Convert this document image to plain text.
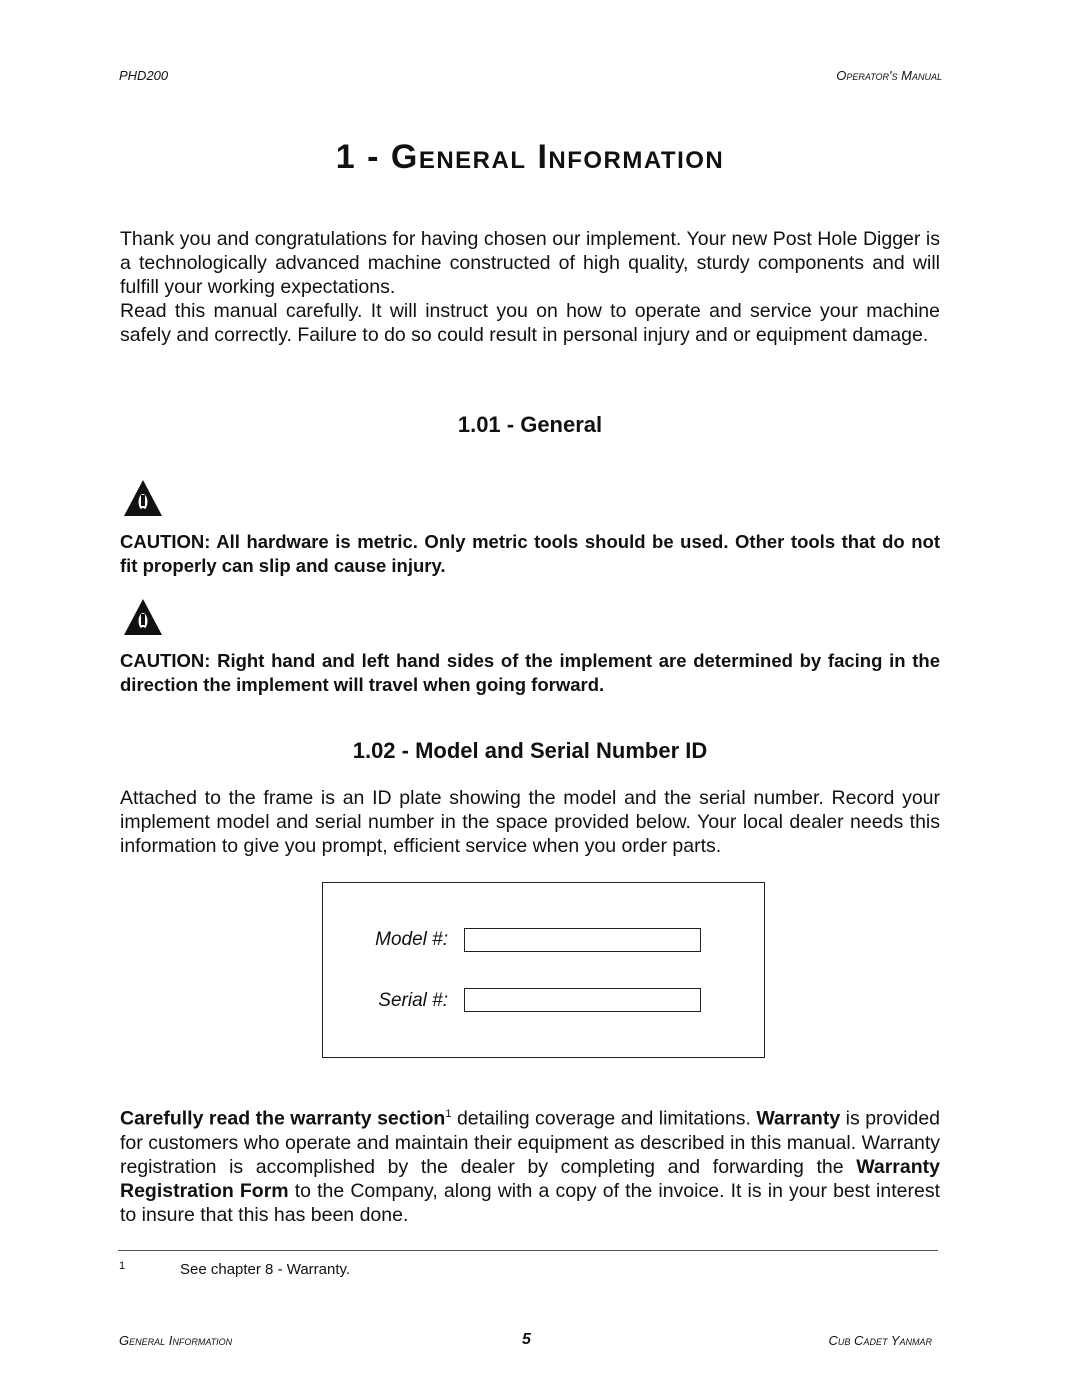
PHD200	Operator's Manual
1 - General Information

Thank you and congratulations for having chosen our implement. Your new Post Hole Digger is a technologically advanced machine constructed of high quality, sturdy components and will fulfill your working expectations.

Read this manual carefully. It will instruct you on how to operate and service your machine safely and correctly. Failure to do so could result in personal injury and or equipment damage.

1.01 - General

CAUTION: All hardware is metric. Only metric tools should be used. Other tools that do not fit properly can slip and cause injury.

CAUTION: Right hand and left hand sides of the implement are determined by facing in the direction the implement will travel when going forward.

1.02 - Model and Serial Number ID

Attached to the frame is an ID plate showing the model and the serial number. Record your implement model and serial number in the space provided below. Your local dealer needs this information to give you prompt, efficient service when you order parts.

Model #:
Serial #:

Carefully read the warranty section$^1$ detailing coverage and limitations. Warranty is provided for customers who operate and maintain their equipment as described in this manual. Warranty registration is accomplished by the dealer by completing and forwarding the Warranty Registration Form to the Company, along with a copy of the invoice. It is in your best interest to insure that this has been done.

1	See chapter 8 - Warranty.
General Information	5	Cub Cadet Yanmar
